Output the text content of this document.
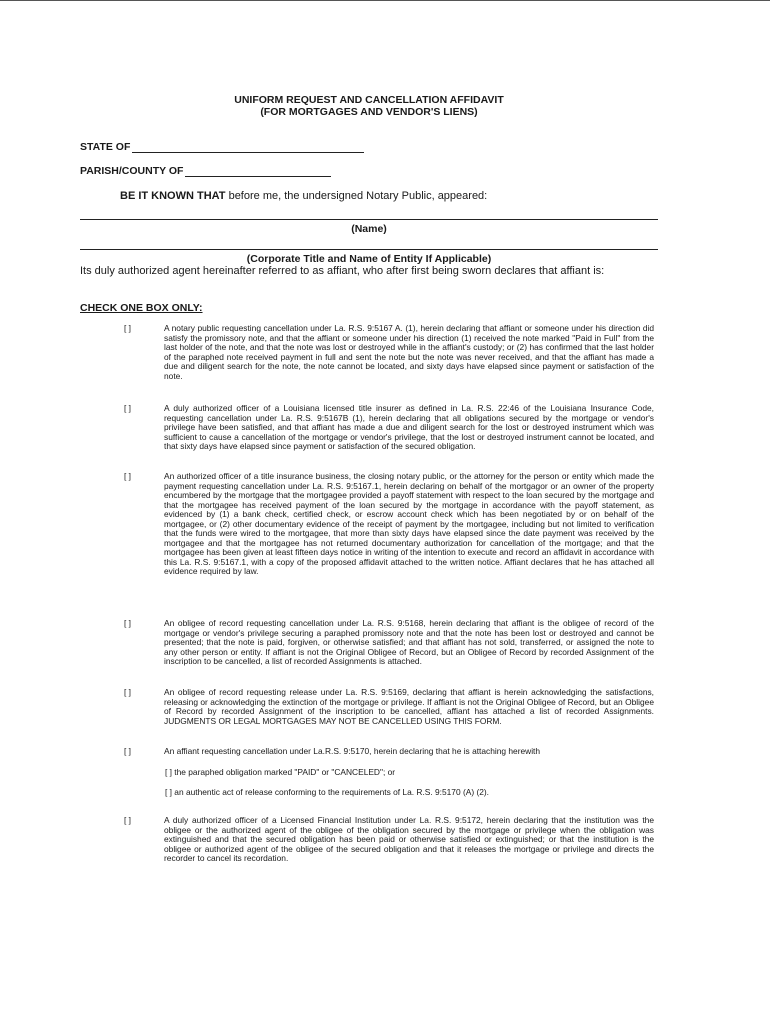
UNIFORM REQUEST AND CANCELLATION AFFIDAVIT
(FOR MORTGAGES AND VENDOR'S LIENS)
STATE OF
PARISH/COUNTY OF
BE IT KNOWN THAT before me, the undersigned Notary Public, appeared:
(Name)
(Corporate Title and Name of Entity If Applicable)
Its duly authorized agent hereinafter referred to as affiant, who after first being sworn declares that affiant is:
CHECK ONE BOX ONLY:
[ ]	A notary public requesting cancellation under La. R.S. 9:5167 A. (1), herein declaring that affiant or someone under his direction did satisfy the promissory note, and that the affiant or someone under his direction (1) received the note marked "Paid in Full" from the last holder of the note, and that the note was lost or destroyed while in the affiant's custody; or (2) has confirmed that the last holder of the paraphed note received payment in full and sent the note but the note was never received, and that the affiant has made a due and diligent search for the note, the note cannot be located, and sixty days have elapsed since payment or satisfaction of the note.
[ ]	A duly authorized officer of a Louisiana licensed title insurer as defined in La. R.S. 22:46 of the Louisiana Insurance Code, requesting cancellation under La. R.S. 9:5167B (1), herein declaring that all obligations secured by the mortgage or vendor's privilege have been satisfied, and that affiant has made a due and diligent search for the lost or destroyed instrument which was sufficient to cause a cancellation of the mortgage or vendor's privilege, that the lost or destroyed instrument cannot be located, and that sixty days have elapsed since payment or satisfaction of the secured obligation.
[ ]	An authorized officer of a title insurance business, the closing notary public, or the attorney for the person or entity which made the payment requesting cancellation under La. R.S. 9:5167.1, herein declaring on behalf of the mortgagor or an owner of the property encumbered by the mortgage that the mortgagee provided a payoff statement with respect to the loan secured by the mortgage and that the mortgagee has received payment of the loan secured by the mortgage in accordance with the payoff statement, as evidenced by (1) a bank check, certified check, or escrow account check which has been negotiated by or on behalf of the mortgagee, or (2) other documentary evidence of the receipt of payment by the mortgagee, including but not limited to verification that the funds were wired to the mortgagee, that more than sixty days have elapsed since the date payment was received by the mortgagee and that the mortgagee has not returned documentary authorization for cancellation of the mortgage; and that the mortgagee has been given at least fifteen days notice in writing of the intention to execute and record an affidavit in accordance with this La. R.S. 9:5167.1, with a copy of the proposed affidavit attached to the written notice. Affiant declares that he has attached all evidence required by law.
[ ]	An obligee of record requesting cancellation under La. R.S. 9:5168, herein declaring that affiant is the obligee of record of the mortgage or vendor's privilege securing a paraphed promissory note and that the note has been lost or destroyed and cannot be presented; that the note is paid, forgiven, or otherwise satisfied; and that affiant has not sold, transferred, or assigned the note to any other person or entity. If affiant is not the Original Obligee of Record, but an Obligee of Record by recorded Assignment of the inscription to be cancelled, a list of recorded Assignments is attached.
[ ]	An obligee of record requesting release under La. R.S. 9:5169, declaring that affiant is herein acknowledging the satisfactions, releasing or acknowledging the extinction of the mortgage or privilege. If affiant is not the Original Obligee of Record, but an Obligee of Record by recorded Assignment of the inscription to be cancelled, affiant has attached a list of recorded Assignments. JUDGMENTS OR LEGAL MORTGAGES MAY NOT BE CANCELLED USING THIS FORM.
[ ]	An affiant requesting cancellation under La.R.S. 9:5170, herein declaring that he is attaching herewith
[ ] the paraphed obligation marked "PAID" or "CANCELED"; or
[ ] an authentic act of release conforming to the requirements of La. R.S. 9:5170 (A) (2).
[ ]	A duly authorized officer of a Licensed Financial Institution under La. R.S. 9:5172, herein declaring that the institution was the obligee or the authorized agent of the obligee of the obligation secured by the mortgage or privilege when the obligation was extinguished and that the secured obligation has been paid or otherwise satisfied or extinguished; or that the institution is the obligee or authorized agent of the obligee of the secured obligation and that it releases the mortgage or privilege and directs the recorder to cancel its recordation.
